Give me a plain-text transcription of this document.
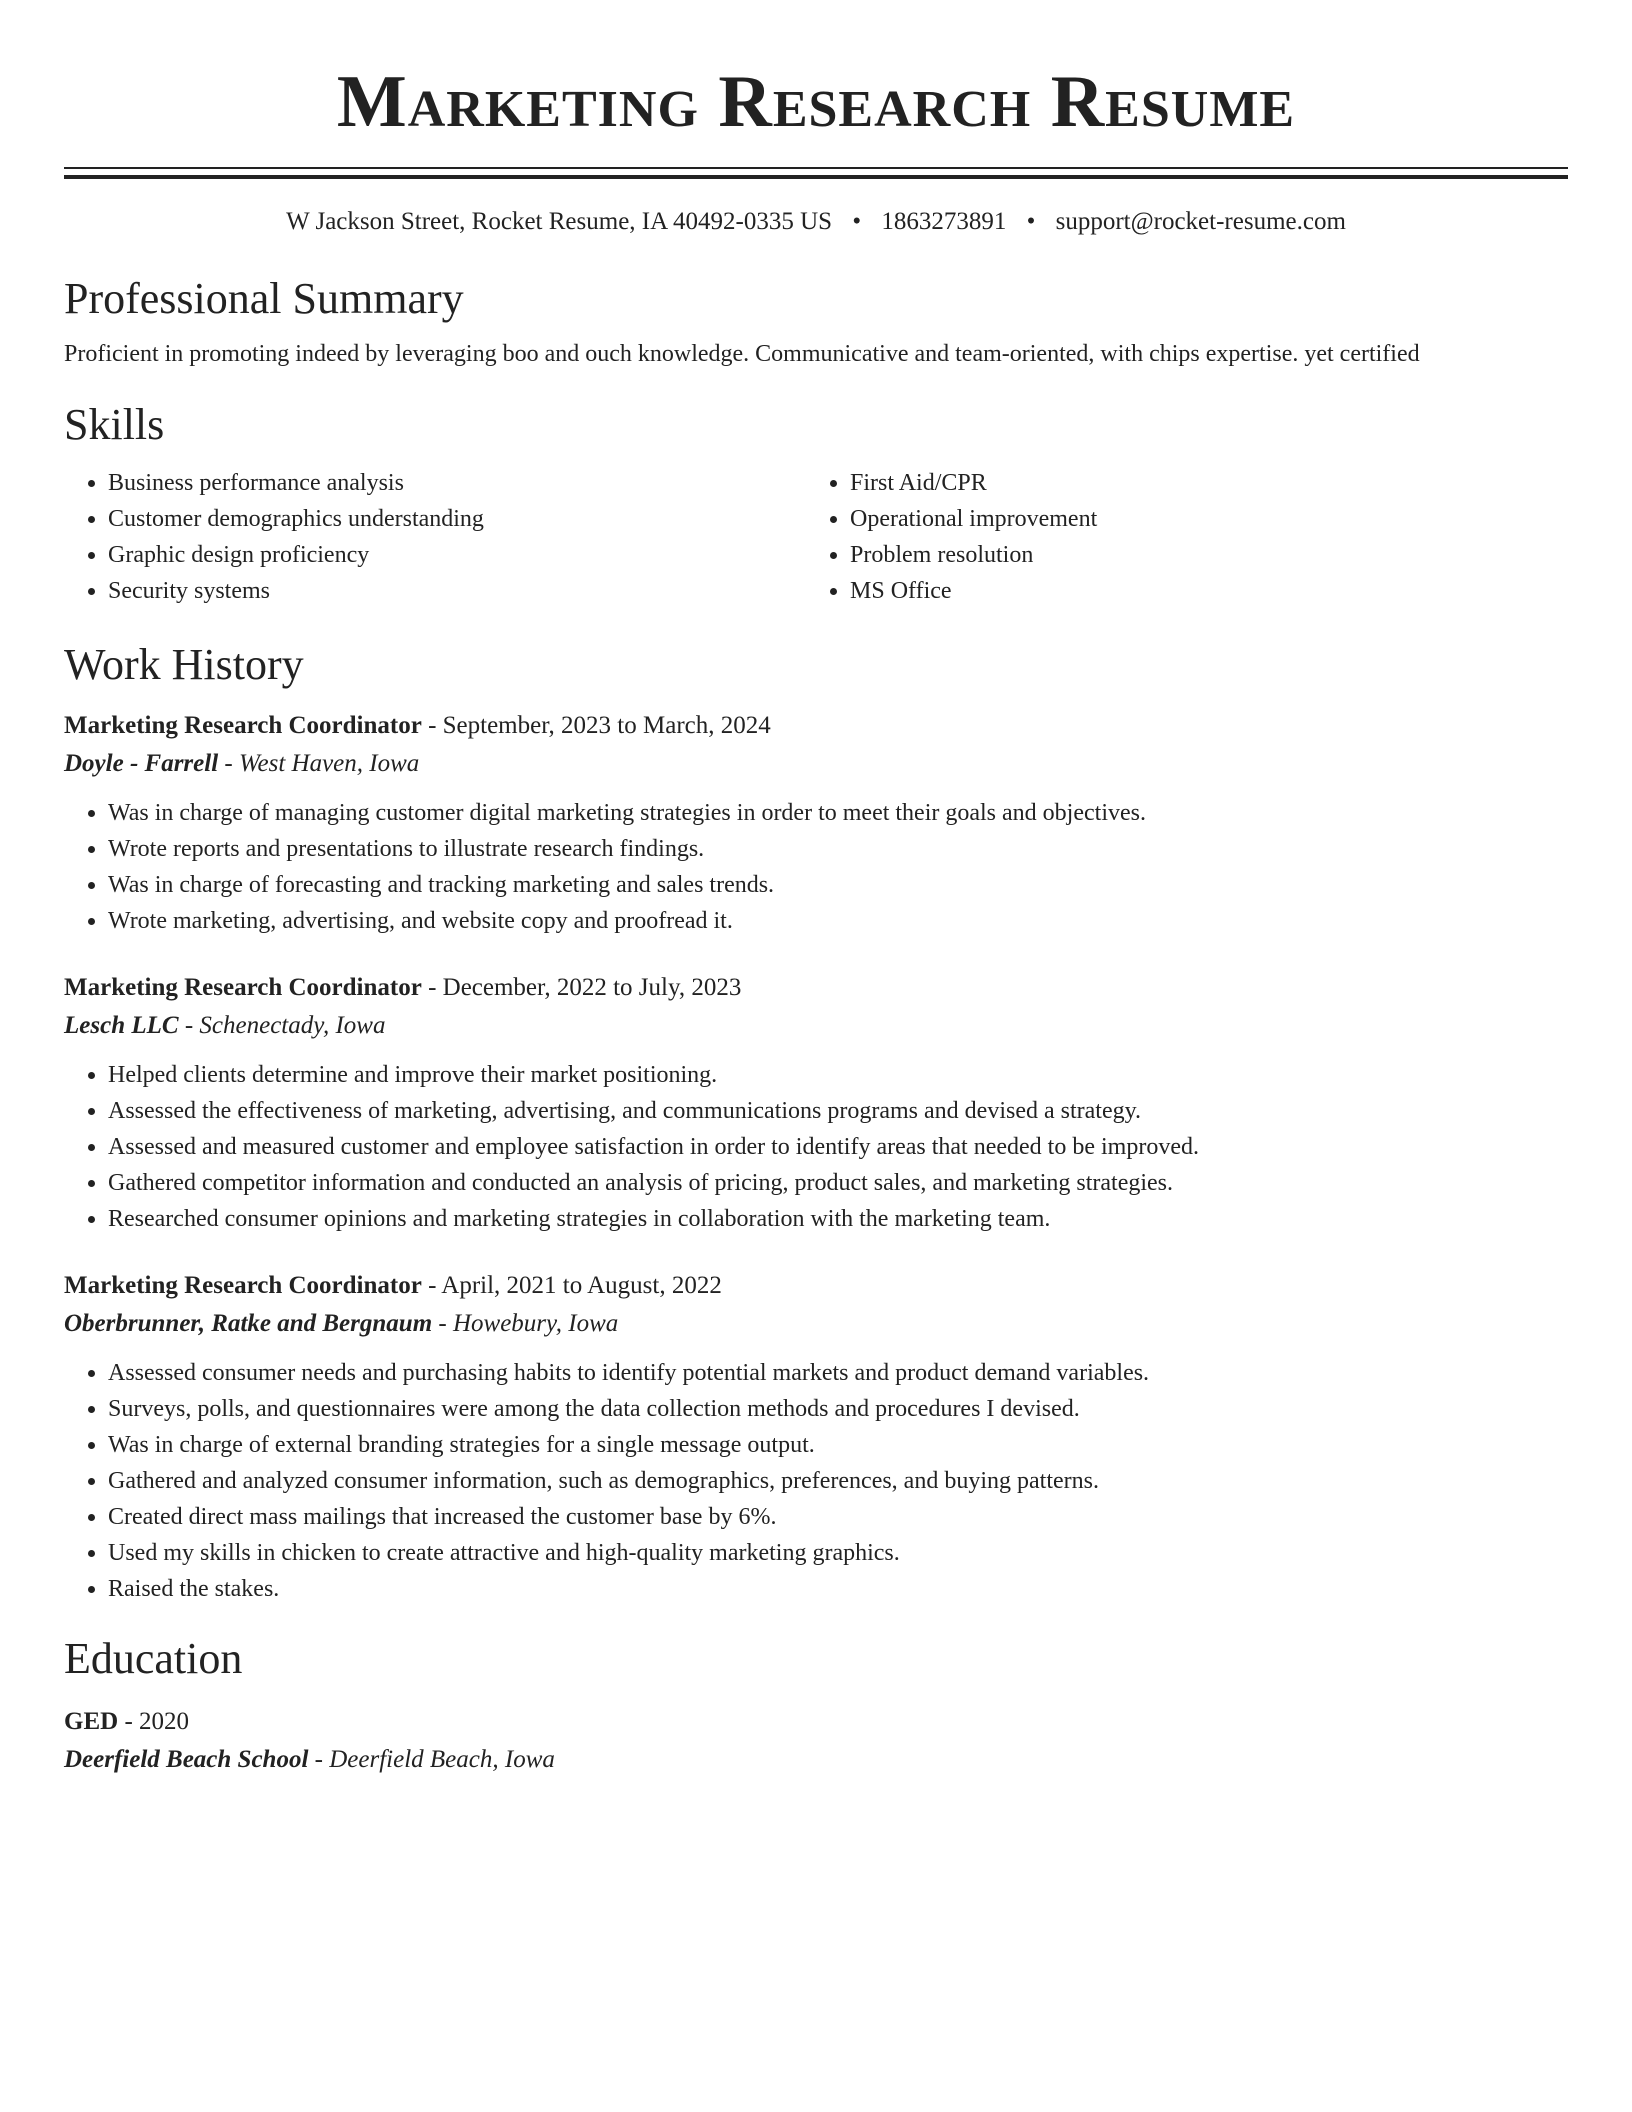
Marketing Research Resume
W Jackson Street, Rocket Resume, IA 40492-0335 US • 1863273891 • support@rocket-resume.com
Professional Summary
Proficient in promoting indeed by leveraging boo and ouch knowledge. Communicative and team-oriented, with chips expertise. yet certified
Skills
• Business performance analysis
• Customer demographics understanding
• Graphic design proficiency
• Security systems
• First Aid/CPR
• Operational improvement
• Problem resolution
• MS Office
Work History
Marketing Research Coordinator - September, 2023 to March, 2024
Doyle - Farrell - West Haven, Iowa
• Was in charge of managing customer digital marketing strategies in order to meet their goals and objectives.
• Wrote reports and presentations to illustrate research findings.
• Was in charge of forecasting and tracking marketing and sales trends.
• Wrote marketing, advertising, and website copy and proofread it.
Marketing Research Coordinator - December, 2022 to July, 2023
Lesch LLC - Schenectady, Iowa
• Helped clients determine and improve their market positioning.
• Assessed the effectiveness of marketing, advertising, and communications programs and devised a strategy.
• Assessed and measured customer and employee satisfaction in order to identify areas that needed to be improved.
• Gathered competitor information and conducted an analysis of pricing, product sales, and marketing strategies.
• Researched consumer opinions and marketing strategies in collaboration with the marketing team.
Marketing Research Coordinator - April, 2021 to August, 2022
Oberbrunner, Ratke and Bergnaum - Howebury, Iowa
• Assessed consumer needs and purchasing habits to identify potential markets and product demand variables.
• Surveys, polls, and questionnaires were among the data collection methods and procedures I devised.
• Was in charge of external branding strategies for a single message output.
• Gathered and analyzed consumer information, such as demographics, preferences, and buying patterns.
• Created direct mass mailings that increased the customer base by 6%.
• Used my skills in chicken to create attractive and high-quality marketing graphics.
• Raised the stakes.
Education
GED - 2020
Deerfield Beach School - Deerfield Beach, Iowa
